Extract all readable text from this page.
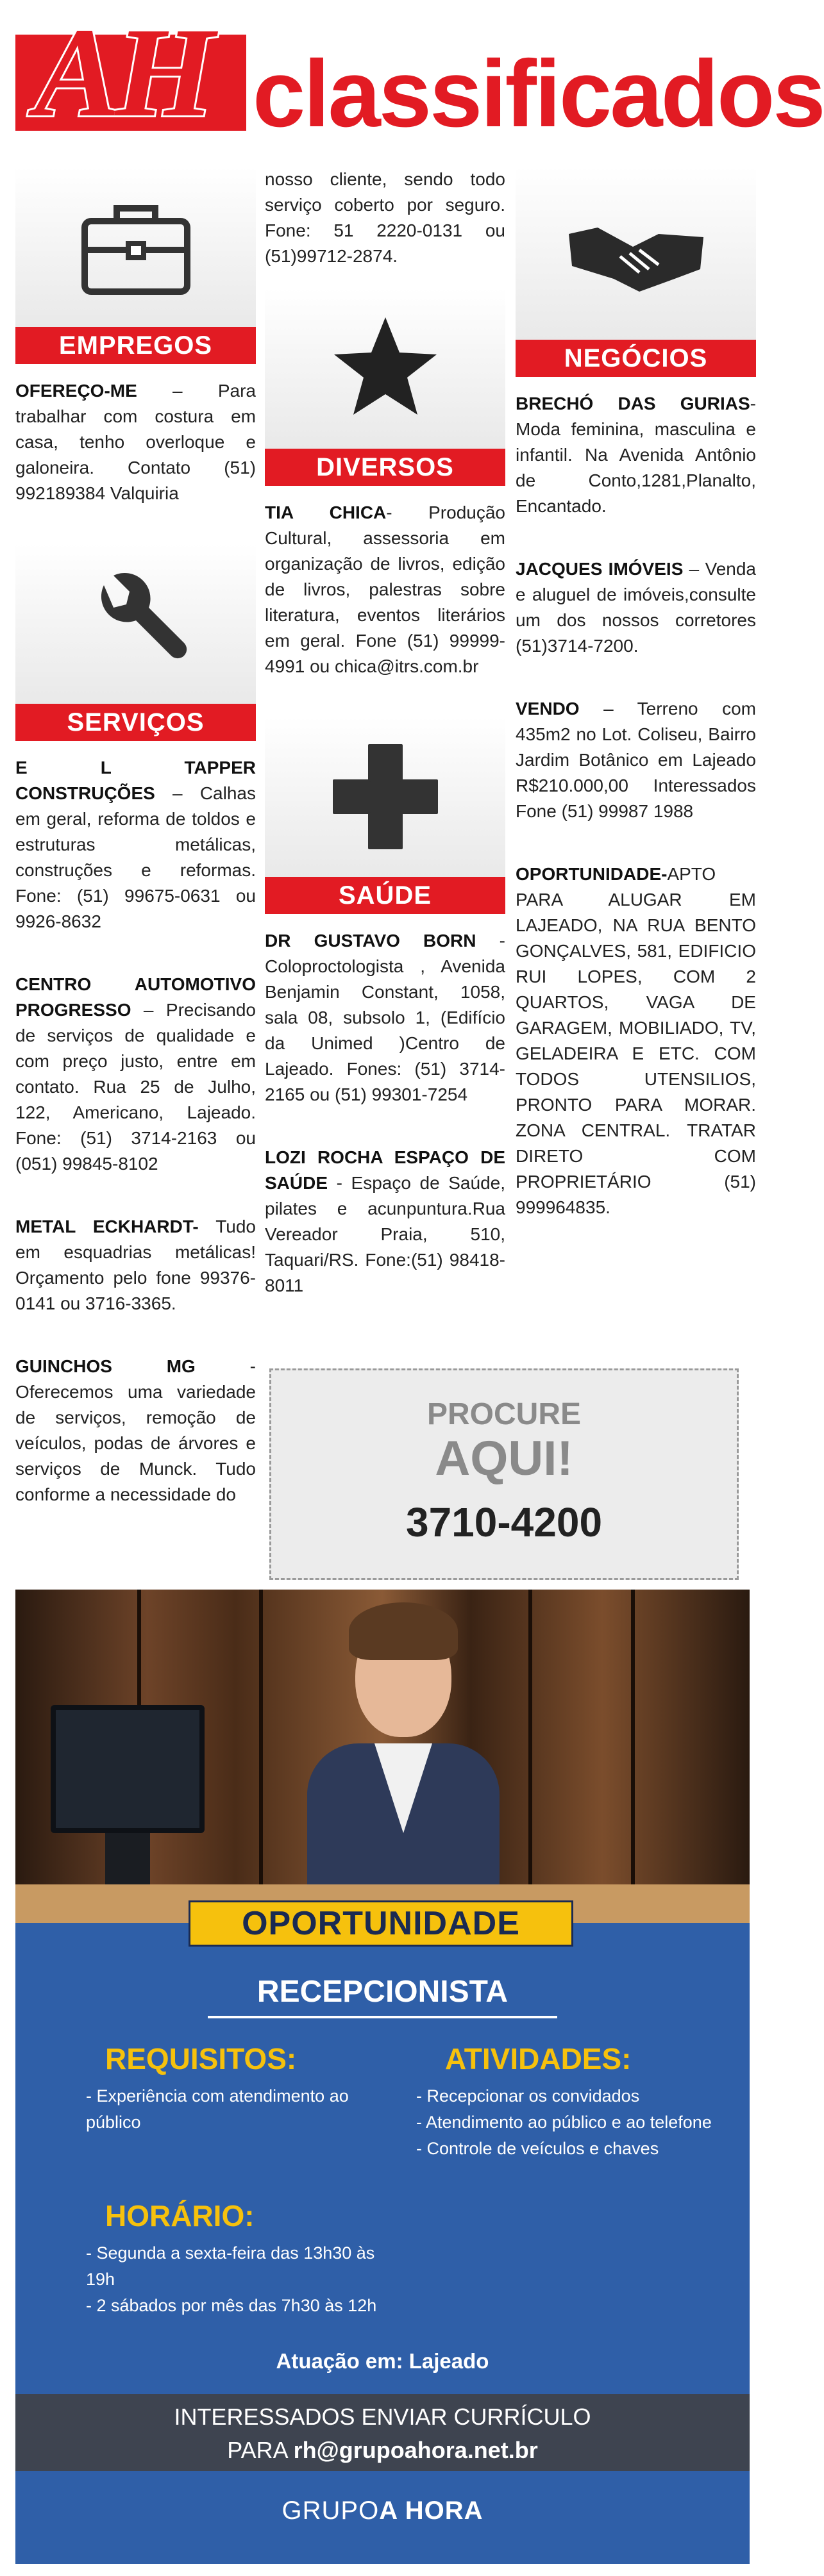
AH classificados
EMPREGOS

OFEREÇO-ME – Para trabalhar com costura em casa, tenho overloque e galoneira. Contato (51) 992189384 Valquiria

SERVIÇOS

E L TAPPER CONSTRUÇÕES – Calhas em geral, reforma de toldos e estruturas metálicas, construções e reformas. Fone: (51) 99675-0631 ou 9926-8632

CENTRO AUTOMOTIVO PROGRESSO – Precisando de serviços de qualidade e com preço justo, entre em contato. Rua 25 de Julho, 122, Americano, Lajeado. Fone: (51) 3714-2163 ou (051) 99845-8102

METAL ECKHARDT- Tudo em esquadrias metálicas! Orçamento pelo fone 99376-0141 ou 3716-3365.

GUINCHOS MG - Oferecemos uma variedade de serviços, remoção de veículos, podas de árvores e serviços de Munck. Tudo conforme a necessidade do

nosso cliente, sendo todo serviço coberto por seguro. Fone: 51 2220-0131 ou (51)99712-2874.

DIVERSOS

TIA CHICA- Produção Cultural, assessoria em organização de livros, edição de livros, palestras sobre literatura, eventos literários em geral. Fone (51) 99999-4991 ou chica@itrs.com.br

SAÚDE

DR GUSTAVO BORN - Coloproctologista , Avenida Benjamin Constant, 1058, sala 08, subsolo 1, (Edifício da Unimed )Centro de Lajeado. Fones: (51) 3714-2165 ou (51) 99301-7254

LOZI ROCHA ESPAÇO DE SAÚDE - Espaço de Saúde, pilates e acunpuntura.Rua Vereador Praia, 510, Taquari/RS. Fone:(51) 98418-8011

NEGÓCIOS

BRECHÓ DAS GURIAS- Moda feminina, masculina e infantil. Na Avenida Antônio de Conto,1281,Planalto, Encantado.

JACQUES IMÓVEIS – Venda e aluguel de imóveis,consulte um dos nossos corretores (51)3714-7200.

VENDO – Terreno com 435m2 no Lot. Coliseu, Bairro Jardim Botânico em Lajeado R$210.000,00 Interessados Fone (51) 99987 1988

OPORTUNIDADE-APTO PARA ALUGAR EM LAJEADO, NA RUA BENTO GONÇALVES, 581, EDIFICIO RUI LOPES, COM 2 QUARTOS, VAGA DE GARAGEM, MOBILIADO, TV, GELADEIRA E ETC. COM TODOS UTENSILIOS, PRONTO PARA MORAR. ZONA CENTRAL. TRATAR DIRETO COM PROPRIETÁRIO (51) 999964835.

PROCURE
AQUI!
3710-4200
RECEPCIONISTA
REQUISITOS:
- Experiência com atendimento ao público
ATIVIDADES:
- Recepcionar os convidados
- Atendimento ao público e ao telefone
- Controle de veículos e chaves
HORÁRIO:
- Segunda a sexta-feira das 13h30 às 19h
- 2 sábados por mês das 7h30 às 12h
Atuação em: Lajeado
INTERESSADOS ENVIAR CURRÍCULO
PARA rh@grupoahora.net.br
GRUPOA HORA
OPORTUNIDADE
